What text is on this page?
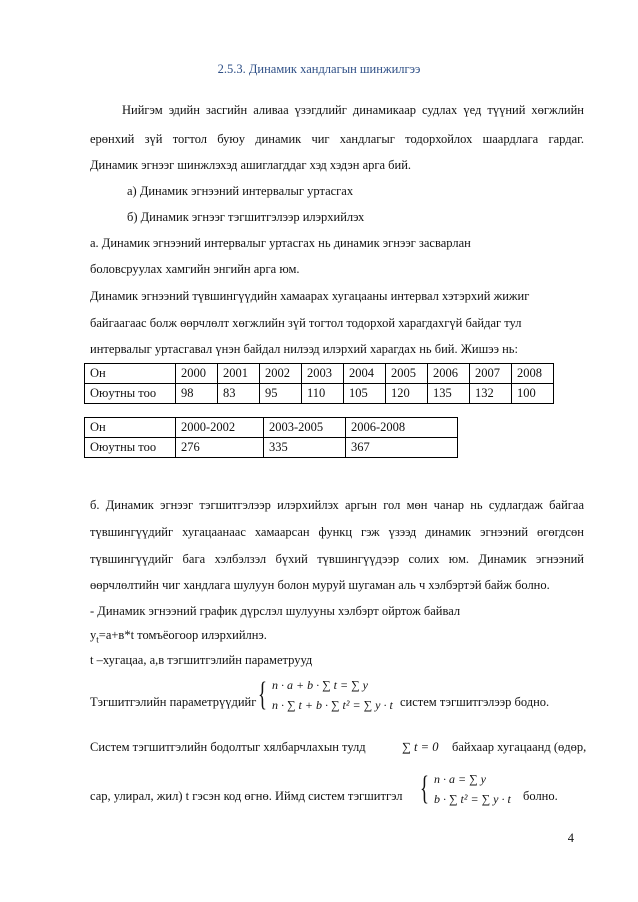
2.5.3. Динамик хандлагын шинжилгээ
Нийгэм эдийн засгийн аливаа үзэгдлийг динамикаар судлах үед түүний хөгжлийн
ерөнхий зүй тогтол буюу динамик чиг хандлагыг тодорхойлох шаардлага гардаг.
Динамик эгнээг шинжлэхэд ашиглагддаг хэд хэдэн арга бий.
а) Динамик эгнээний интервалыг уртасгах
б) Динамик эгнээг тэгшитгэлээр илэрхийлэх
а. Динамик эгнээний интервалыг уртасгах нь динамик эгнээг засварлан
боловсруулах хамгийн энгийн арга юм.
Динамик эгнээний түвшингүүдийн хамаарах хугацааны интервал хэтэрхий жижиг
байгаагаас болж өөрчлөлт хөгжлийн зүй тогтол тодорхой харагдахгүй байдаг тул
интервалыг уртасгавал үнэн байдал нилээд илэрхий харагдах нь бий. Жишээ нь:
Он	2000	2001	2002	2003	2004	2005	2006	2007	2008
Оюутны тоо	98	83	95	110	105	120	135	132	100
Он	2000-2002	2003-2005	2006-2008
Оюутны тоо	276	335	367
б. Динамик эгнээг тэгшитгэлээр илэрхийлэх аргын гол мөн чанар нь судлагдаж байгаа
түвшингүүдийг хугацаанаас хамаарсан функц гэж үзээд динамик эгнээний өгөгдсөн
түвшингүүдийг бага хэлбэлзэл бүхий түвшингүүдээр солих юм. Динамик эгнээний
өөрчлөлтийн чиг хандлага шулуун болон муруй шугаман аль ч хэлбэртэй байж болно.
- Динамик эгнээний график дүрслэл шулууны хэлбэрт ойртож байвал
$y_t=a+в*t$ томъёогоор илэрхийлнэ.
t –хугацаа, а,в тэгшитгэлийн параметрууд
Тэгшитгэлийн параметрүүдийг { n · a + b · ∑ t = ∑ y
n · ∑ t + b · ∑ t² = ∑ y · t систем тэгшитгэлээр бодно.
Систем тэгшитгэлийн бодолтыг хялбарчлахын тулд	∑ t = 0 байхаар хугацаанд (өдөр,
сар, улирал, жил) t гэсэн код өгнө. Иймд систем тэгшитгэл { n · a = ∑ y
b · ∑ t² = ∑ y · t болно.
4
